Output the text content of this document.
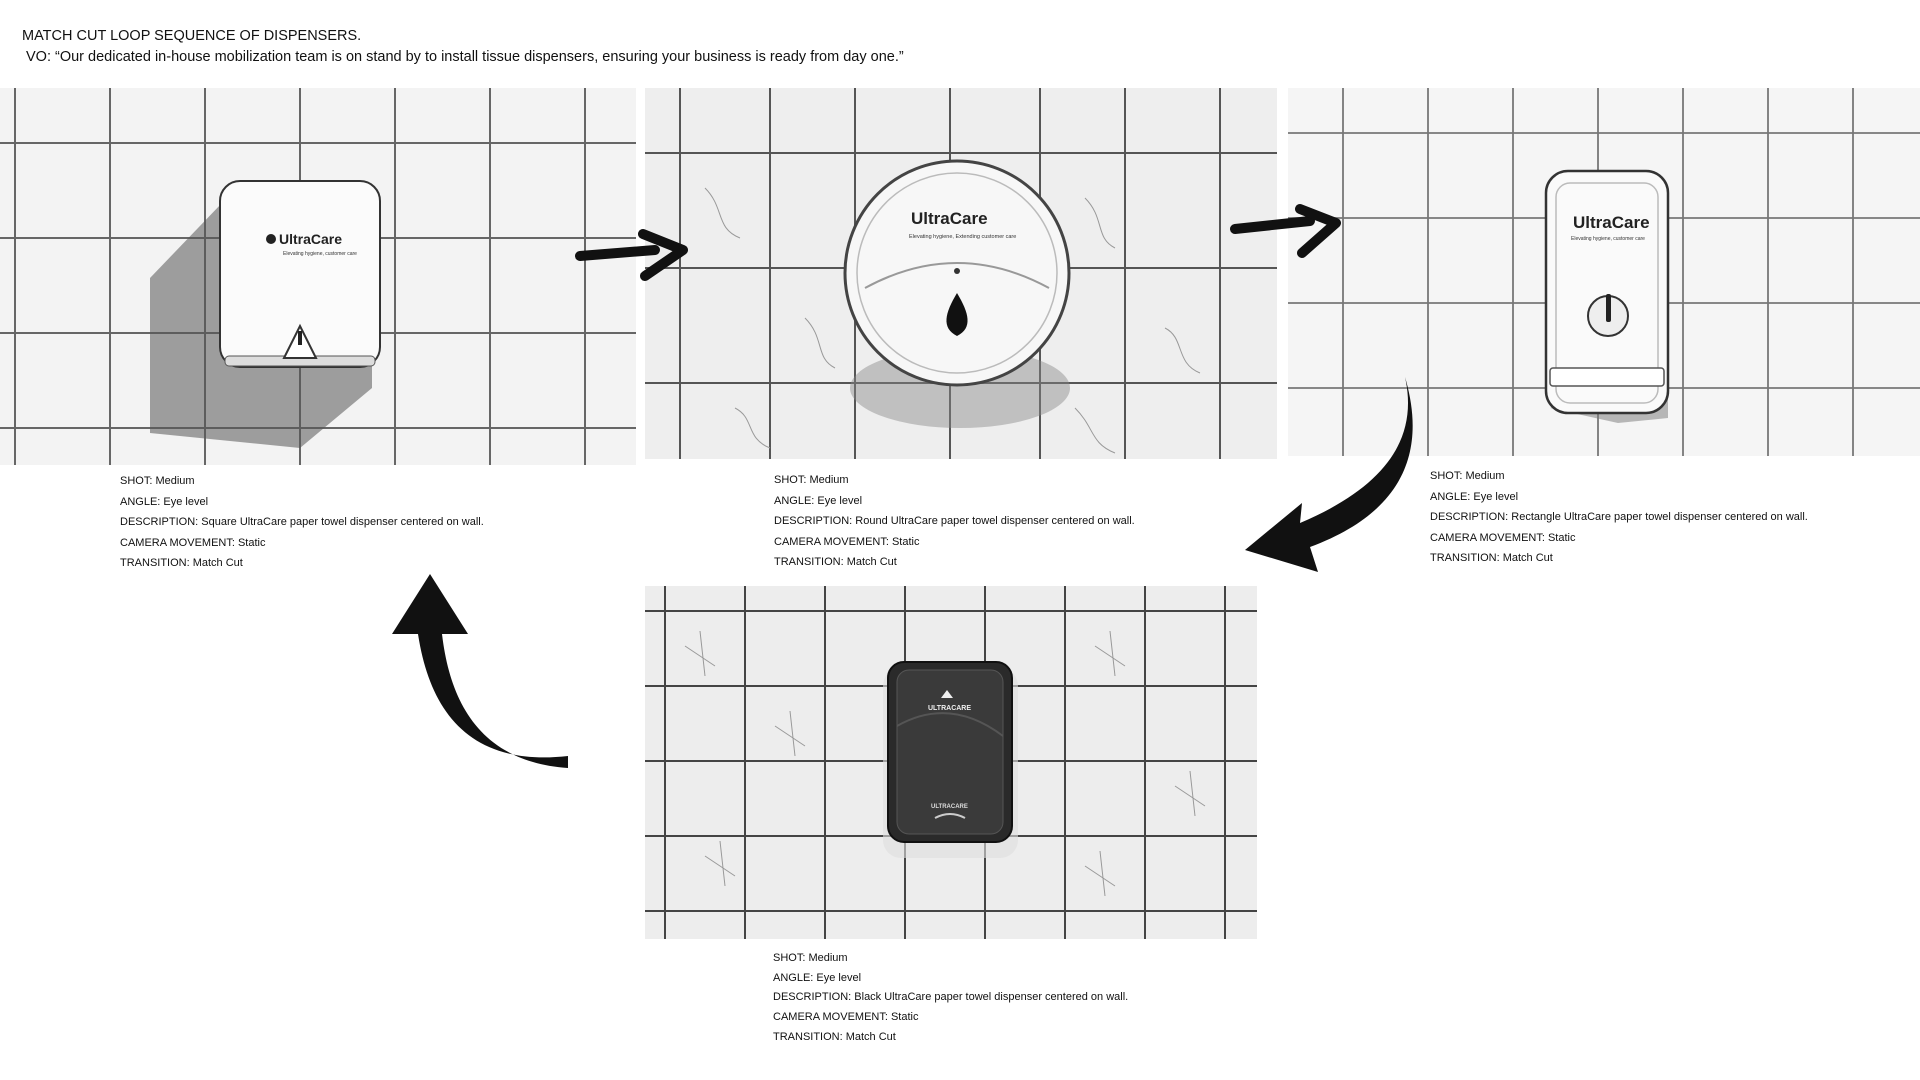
MATCH CUT LOOP SEQUENCE OF DISPENSERS.
VO: “Our dedicated in-house mobilization team is on stand by to install tissue dispensers, ensuring your business is ready from day one.”
UltraCare
Elevating hygiene, customer care
SHOT: Medium
ANGLE: Eye level
DESCRIPTION: Square UltraCare paper towel dispenser centered on wall.
CAMERA MOVEMENT: Static
TRANSITION: Match Cut
UltraCare
Elevating hygiene, Extending customer care
SHOT: Medium
ANGLE: Eye level
DESCRIPTION: Round UltraCare paper towel dispenser centered on wall.
CAMERA MOVEMENT: Static
TRANSITION: Match Cut
UltraCare
Elevating hygiene, customer care
SHOT: Medium
ANGLE: Eye level
DESCRIPTION: Rectangle UltraCare paper towel dispenser centered on wall.
CAMERA MOVEMENT: Static
TRANSITION: Match Cut
ULTRACARE
ULTRACARE
SHOT: Medium
ANGLE: Eye level
DESCRIPTION: Black UltraCare paper towel dispenser centered on wall.
CAMERA MOVEMENT: Static
TRANSITION: Match Cut
